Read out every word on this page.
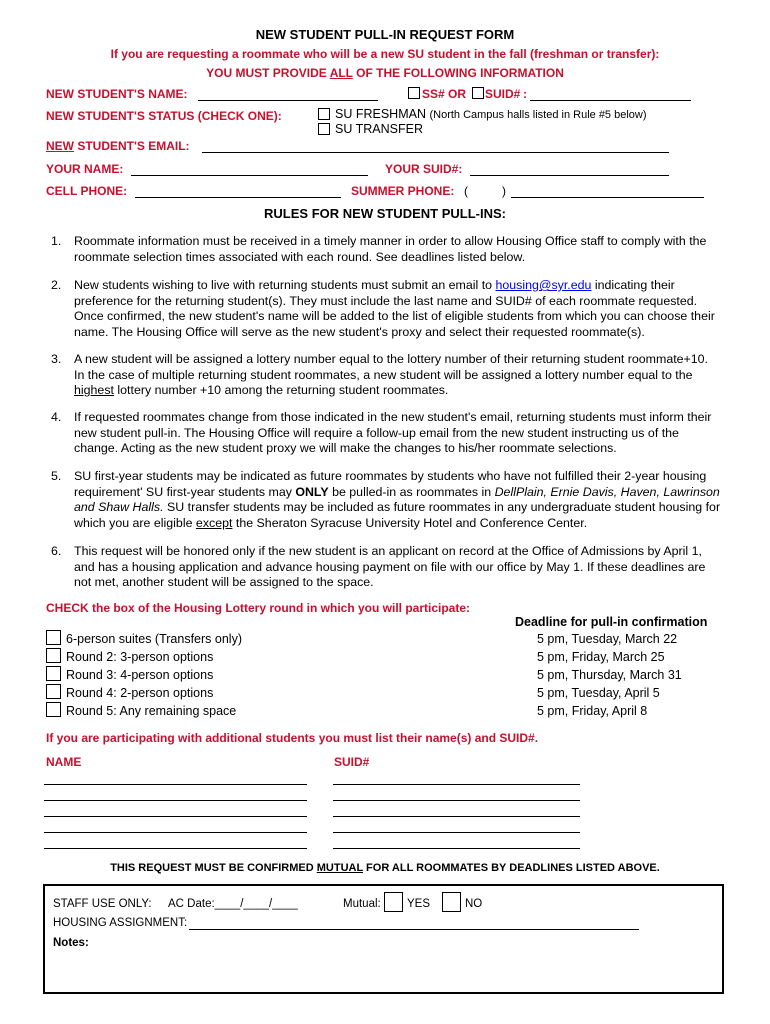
NEW STUDENT PULL-IN REQUEST FORM
If you are requesting a roommate who will be a new SU student in the fall (freshman or transfer):
YOU MUST PROVIDE ALL OF THE FOLLOWING INFORMATION
NEW STUDENT'S NAME:	SS# OR SUID# :
NEW STUDENT'S STATUS (CHECK ONE):	SU FRESHMAN (North Campus halls listed in Rule #5 below)
SU TRANSFER
NEW STUDENT'S EMAIL:
YOUR NAME:	YOUR SUID#:
CELL PHONE:	SUMMER PHONE: (	)
RULES FOR NEW STUDENT PULL-INS:
1. Roommate information must be received in a timely manner in order to allow Housing Office staff to comply with the roommate selection times associated with each round. See deadlines listed below.
2. New students wishing to live with returning students must submit an email to housing@syr.edu indicating their preference for the returning student(s). They must include the last name and SUID# of each roommate requested. Once confirmed, the new student's name will be added to the list of eligible students from which you can choose their name. The Housing Office will serve as the new student's proxy and select their requested roommate(s).
3. A new student will be assigned a lottery number equal to the lottery number of their returning student roommate+10. In the case of multiple returning student roommates, a new student will be assigned a lottery number equal to the highest lottery number +10 among the returning student roommates.
4. If requested roommates change from those indicated in the new student's email, returning students must inform their new student pull-in. The Housing Office will require a follow-up email from the new student instructing us of the change. Acting as the new student proxy we will make the changes to his/her roommate selections.
5. SU first-year students may be indicated as future roommates by students who have not fulfilled their 2-year housing requirement' SU first-year students may ONLY be pulled-in as roommates in DellPlain, Ernie Davis, Haven, Lawrinson and Shaw Halls. SU transfer students may be included as future roommates in any undergraduate student housing for which you are eligible except the Sheraton Syracuse University Hotel and Conference Center.
6. This request will be honored only if the new student is an applicant on record at the Office of Admissions by April 1, and has a housing application and advance housing payment on file with our office by May 1. If these deadlines are not met, another student will be assigned to the space.
CHECK the box of the Housing Lottery round in which you will participate:
Deadline for pull-in confirmation
6-person suites (Transfers only)	5 pm, Tuesday, March 22
Round 2: 3-person options	5 pm, Friday, March 25
Round 3: 4-person options	5 pm, Thursday, March 31
Round 4: 2-person options	5 pm, Tuesday, April 5
Round 5: Any remaining space	5 pm, Friday, April 8
If you are participating with additional students you must list their name(s) and SUID#.
NAME	SUID#
THIS REQUEST MUST BE CONFIRMED MUTUAL FOR ALL ROOMMATES BY DEADLINES LISTED ABOVE.
STAFF USE ONLY: AC Date:____/____/____	Mutual: YES	NO
HOUSING ASSIGNMENT:
Notes:
